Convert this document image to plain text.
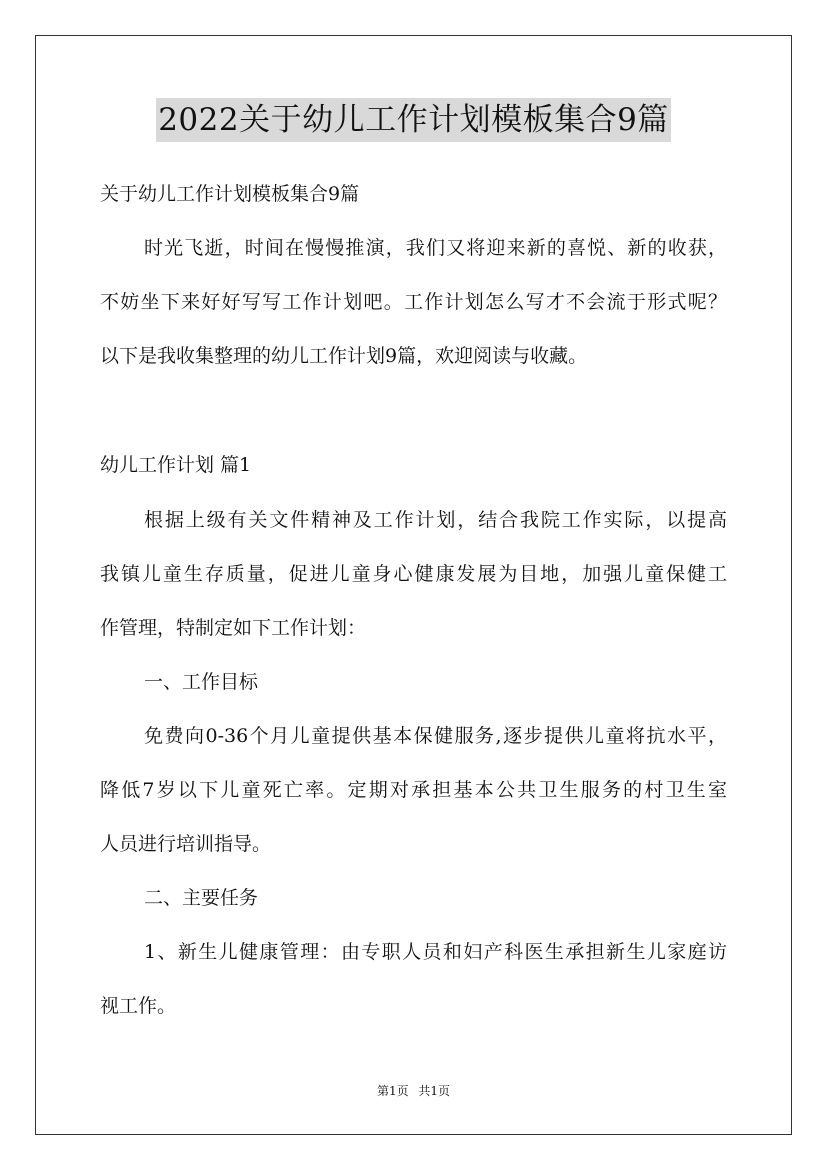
2022关于幼儿工作计划模板集合9篇
关于幼儿工作计划模板集合9篇
时光飞逝，时间在慢慢推演，我们又将迎来新的喜悦、新的收获，
不妨坐下来好好写写工作计划吧。工作计划怎么写才不会流于形式呢？
以下是我收集整理的幼儿工作计划9篇，欢迎阅读与收藏。
幼儿工作计划 篇1
根据上级有关文件精神及工作计划，结合我院工作实际，以提高
我镇儿童生存质量，促进儿童身心健康发展为目地，加强儿童保健工
作管理，特制定如下工作计划：
一、工作目标
免费向0-36个月儿童提供基本保健服务,逐步提供儿童将抗水平，
降低7岁以下儿童死亡率。定期对承担基本公共卫生服务的村卫生室
人员进行培训指导。
二、主要任务
1、新生儿健康管理：由专职人员和妇产科医生承担新生儿家庭访
视工作。
第1页 共1页
